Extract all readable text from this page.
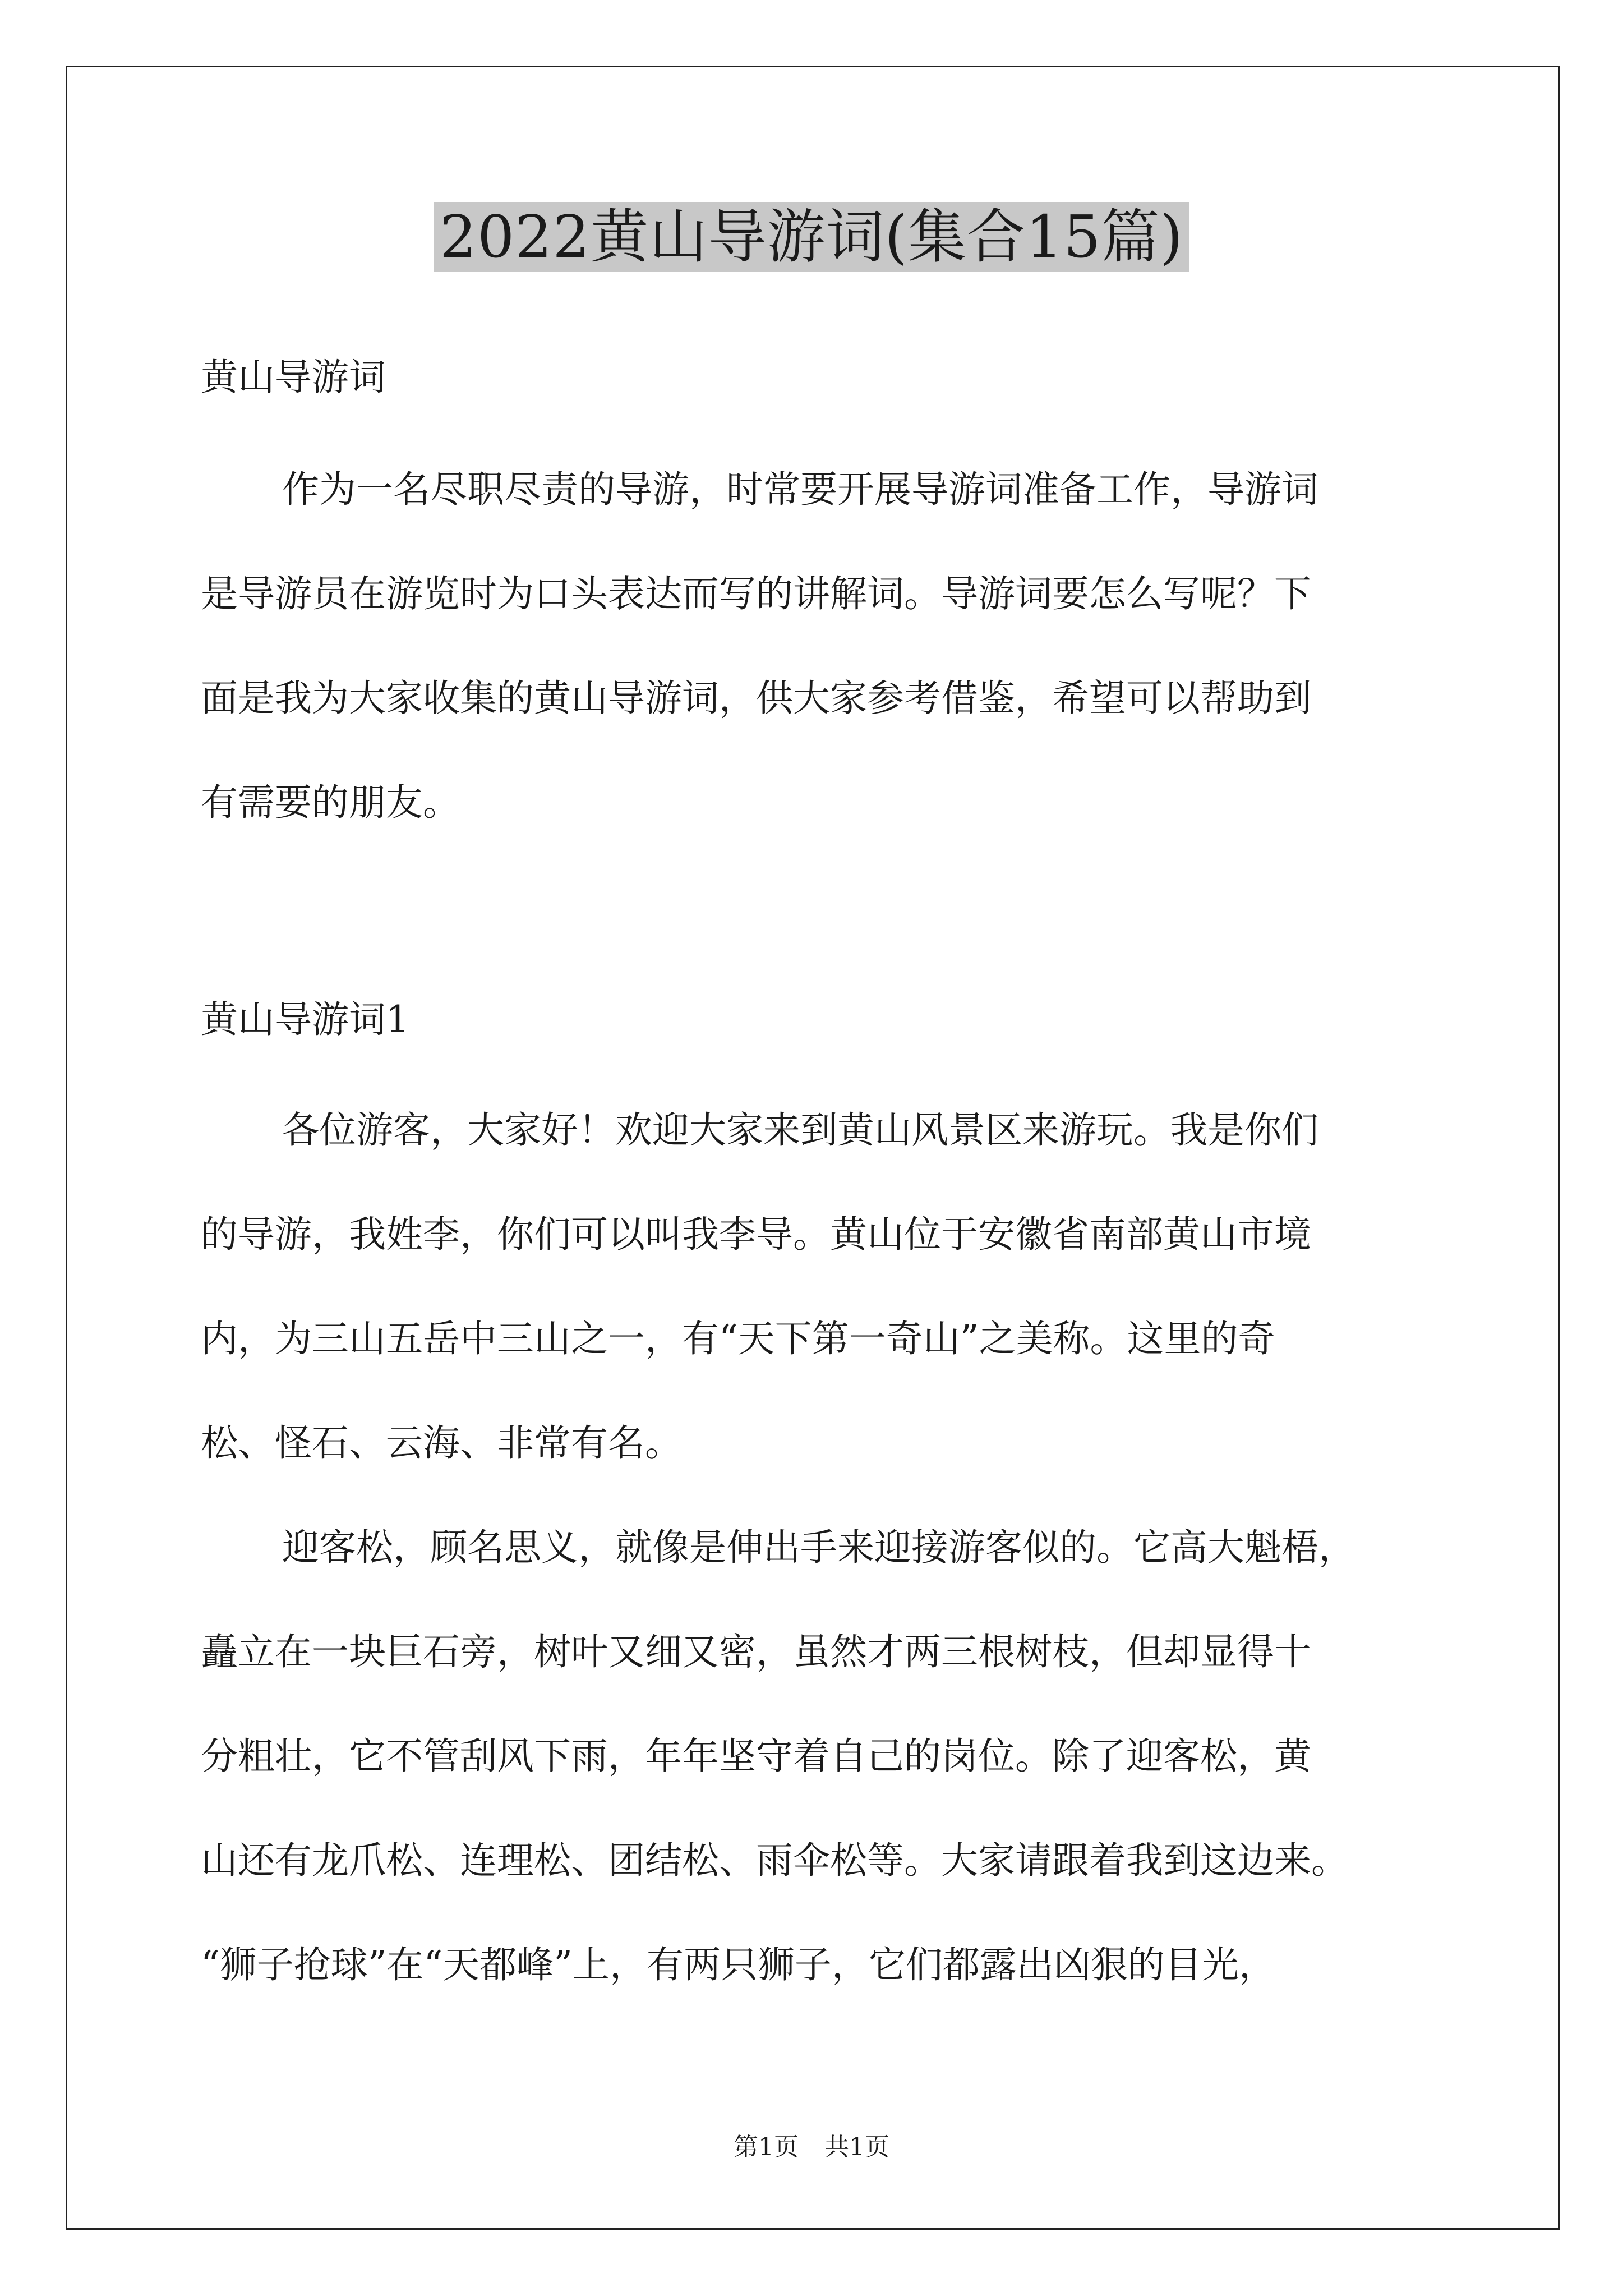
2022黄山导游词(集合15篇)
黄山导游词

作为一名尽职尽责的导游，时常要开展导游词准备工作，导游词
是导游员在游览时为口头表达而写的讲解词。导游词要怎么写呢？下
面是我为大家收集的黄山导游词，供大家参考借鉴，希望可以帮助到
有需要的朋友。

黄山导游词1

各位游客，大家好！欢迎大家来到黄山风景区来游玩。我是你们
的导游，我姓李，你们可以叫我李导。黄山位于安徽省南部黄山市境
内，为三山五岳中三山之一，有“天下第一奇山”之美称。这里的奇
松、怪石、云海、非常有名。

迎客松，顾名思义，就像是伸出手来迎接游客似的。它高大魁梧，
矗立在一块巨石旁，树叶又细又密，虽然才两三根树枝，但却显得十
分粗壮，它不管刮风下雨，年年坚守着自己的岗位。除了迎客松，黄
山还有龙爪松、连理松、团结松、雨伞松等。大家请跟着我到这边来。
“狮子抢球”在“天都峰”上，有两只狮子，它们都露出凶狠的目光，

第1页 共1页
